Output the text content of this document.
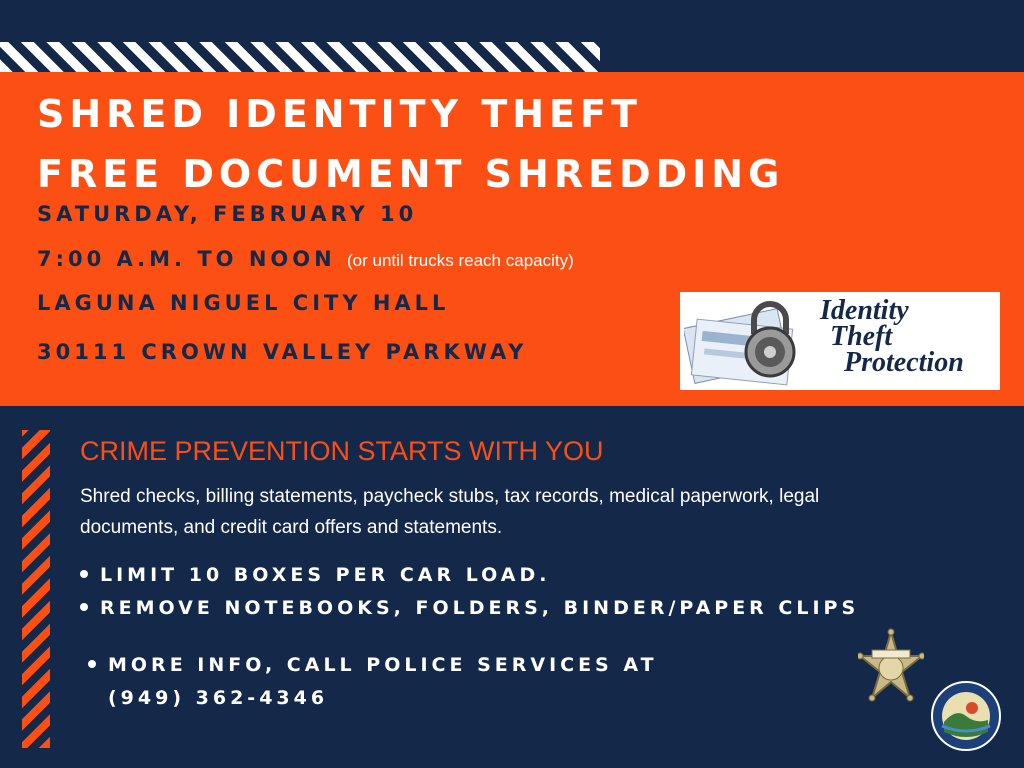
SHRED IDENTITY THEFT
FREE DOCUMENT SHREDDING
SATURDAY, FEBRUARY 10
7:00 A.M. TO NOON (or until trucks reach capacity)
LAGUNA NIGUEL CITY HALL
30111 CROWN VALLEY PARKWAY
Identity
Theft
Protection
CRIME PREVENTION STARTS WITH YOU
Shred checks, billing statements, paycheck stubs, tax records, medical paperwork, legal documents, and credit card offers and statements.
LIMIT 10 BOXES PER CAR LOAD.
REMOVE NOTEBOOKS, FOLDERS, BINDER/PAPER CLIPS
MORE INFO, CALL POLICE SERVICES AT
(949) 362-4346
